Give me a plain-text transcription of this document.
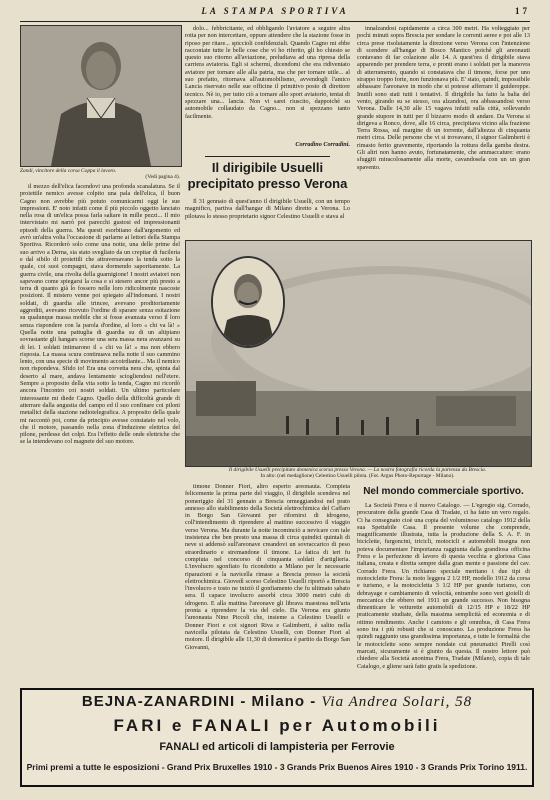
LA STAMPA SPORTIVA	17
Zandi, vincitore della corsa Coppa il lavoro.
(Vedi pagina 4).

il mezzo dell'elica facendovi una profonda scanalatura. Se il proiettile nemico avesse colpito una pala dell'elica, il buon Cagno non avrebbe più potuto comunicarmi oggi le sue impressioni. E' noto infatti come il più piccolo oggetto lanciato nella rosa di un'elica possa farla saltare in mille pezzi... Il mio intervistato mi narrò poi parecchi gustosi ed impressionanti episodi della guerra. Ma questi esorbitano dall'argomento ed avrò un'altra volta l'occasione di parlarne ai lettori della Stampa Sportiva. Ricorderò solo come una notte, una delle prime del suo arrivo a Derna, sia stato svegliato da un crepitar di fucileria e dal sibilo di proiettili che attraversavano la tenda sotto la quale, coi suoi compagni, stava dormendo saporitamente. La guerra civile, una rivolta della guarnigione! I nostri aviatori non sapevano come spiegarsi la cosa e si stesero ancor più presto a terra di quanto già lo fossero nelle loro ridicolmente nascoste posizioni. Il mistero venne poi spiegato all'indomani. I nostri soldati, di guardia alle trincee, avevano proditoriamente aggrediti, avevano ricevuto l'ordine di sparare senza esitazione su qualunque massa mobile che si fosse avanzata verso il loro senza rispondere con la parola d'ordine, al loro « chi va là! » Quella notte una pattuglia di guardia su di un altipiano sovrastante gli hangars scorse una sera massa nera avanzarsi su di lei. I soldati intimarono il « chi va là! » ma non ebbero risposta. La massa scura continuava nella notte il suo cammino lento, con una specie di movimento accoirdiante... Ma il nemico non rispondeva. Sfido io! Era una corvetta nera che, spinta dal deserto al mare, andava lentamente sciogliendosi nell'etere. Sempre a proposito della vita sotto la tenda, Cagno mi ricordò ancora l'incontro coi nostri soldati. Un ultimo particolare interessante mi diede Cagno. Quello della difficoltà grande di atterrare dalla angustia del campo ed il suo confinare coi piloni metallici della stazione radiotelegrafica. A proposito della quale mi raccontò poi, come da principio avesse constatato nel volo, che il motore, passando nella zona d'induzione elettrica del pilone, perdesse dei colpi. Era l'effetto delle onde elettriche che se la intendevano col magnete del suo motore.

dolo... febbricitante, ed obbligando l'aviatore a seguire altra rotta per non intercettare, oppure attendere che la stazione fosse in riposo per ritare... spiccioli confidenziali. Quando Cagno mi ebbe raccontate tutte le belle cose che vi ho riferito, gli ho chiesto se questo suo ritorno all'aviazione, preludiava ad una ripresa della carriera aviatoria. Egli si schermì, dicendomi che era ridiventato aviatore per tornare alle alla patria, ma che per tornare utile... al suo prefatto, ritornava all'automobilismo, avvendogli l'amico Lancia riservato nelle sue officine il primitivo posto di direttore tecnico. Nè io, per tutto ciò a tornare allo sport aviatorio, tentai di spezzare una... lancia. Non vi sarei riuscito, dappoichè su automobile collaudato da Cagno... non si spezzano tanto facilmente.

Corradino Corradini.
Il dirigibile Usuelli
precipitato presso Verona

Il 31 gennaio di quest'anno il dirigibile Usuelli, con un tempo magnifico, partiva dall'hangar di Milano diretto a Verona. Lo pilotava lo stesso proprietario signor Celestino Usuelli e stava al

innalzandosi rapidamente a circa 300 metri. Ha volteggiato per pochi minuti sopra Brescia per sondare le correnti aeree e poi alle 13 circa prese risolutamente la direzione verso Verona con l'intenzione di scendere all'hangar di Bosco Mantico poichè gli areonauti contavano di far colazione alle 14. A quest'ora il dirigibile stava apparendo per prendere terra, e pronti erano i soldati per la manovra di atterramento, quando si constatava che il timone, forse per uno strappo troppo forte, non funzionava più. E' stato, quindi, impossibile abbassare l'areonave in modo che si potesse afferrare il guideroppe. Inutili sono stati tutti i tentativi. Il dirigibile ha fatto la balia del vento, girando su se stesso, ora alzandosi, ora abbassandosi verso Verona. Dalle 14,30 alle 15 vagava infatti sulla città, sollevando grande stupore in tutti per il bizzarro modo di andare. Da Verona si dirigeva a Ronco, dove, alle 16 circa, precipitava vicino alla frazione Terra Rossa, sul margine di un torrente, dall'altezza di cinquanta metri circa. Delle persone che vi si trovavano, il signor Galimberti è rimasto ferito gravemente, riportando la rottura della gamba destra. Gli altri non hanno avuto, fortunatamente, che ammaccature: erano sfuggiti miracolosamente alla morte, cavandosela con un un gran spavento.

Il dirigibile Usuelli precipitato domenica scorsa presso Verona. — La nostra fotografia ricorda la partenza da Brescia.
In alto: (nel medaglione) Celestino Usuelli pilota. (Fot. Argus Photo-Reportage - Milano).

timone Donner Fiori, altro esperto areonauta. Compieta felicemente la prima parte del viaggio, il dirigibile scendeva nel pomeriggio del 31 gennaio a Brescia ormeggiandosi nel prato annesso allo stabilimento della Società elettrochimica del Caffaro in Borgo San Giovanni per rifornirsi di idrogeno, coll'intendimento di riprendere al mattino successivo il viaggio verso Verona. Ma durante la notte incominciò a nevicare con tale insistenza che ben presto una massa di circa quindici quintali di neve si addensò sull'areonave creandovi un sovraccarico di peso straordinario e stremandone il timone. La fatica di ieri fu compiuta nel concorso di cinquanta soldati d'artiglieria. L'involucro sgonfiato fu ricondotto a Milano per le necessarie riparazioni e la navicella rimase a Brescia presso la società elettrochimica. Giovedì scorso Celestino Usuelli riportò a Brescia l'involucro e tosto ne iniziò il gonfiamento che fu ultimato sabato sera. Il capace involucro assorbì circa 3000 metri cubi di idrogeno. E alla mattina l'areonave gli librava maestosa nell'aria pronta a riprendere la via del cielo. Da Verona era giunto l'areonauta Nino Piccoli che, insieme a Celestino Usuelli e Donner Fiori e coi signori Riva e Galimberti, è salito nella navicella pilotata da Celestino Usuelli, con Donner Fiori al motore. Il dirigibile alle 11,30 di domenica è partito da Borgo San Giovanni,

Nel mondo commerciale sportivo.

La Società Frera e il nuovo Catalogo. — L'egregio sig. Corrado, procuratore della grande Casa di Tradate, ci ha fatto un vero regalo. Ci ha consegnato cioè una copia del voluminoso catalogo 1912 della sua Spettabile Casa. Il presente volume che comprende, magnificamente illustrata, tutta la produzione della S. A. F. in biciclette, furgoncini, tricicli, motocicli e automobili insegna non poteva documentare l'importanza raggiunta dalla grandiosa officina Frera e la perfezione di lavoro di questa vecchia e gloriosa Casa italiana, creata e diretta sempre dalla gran mente e passione del cav. Corrado Frera. Un richiamo speciale meritano i due tipi di motociclette Frera: la moto leggera 2 1/2 HP, modello 1912 da corsa e turismo, e la motocicletta 3 1/2 HP per grande turismo, con debrayage e cambiamento di velocità, entrambe sono veri gioielli di meccanica che ebbero nel 1911 un grande successo. Non bisogna dimenticare le vetturette automobili di 12/15 HP e 18/22 HP praticamente studiate, della massima semplicità ed economia e di ottimo rendimento. Anche i camions e gli omnibus, di Casa Frera sono tra i più robusti che si conoscano. La produzione Frera ha quindi raggiunto una grandissima importanza, e tutte le formalità che le motociclette sono sempre nondate cui pneumatici Pirelli così marcati, sicuramente si è giunto da questa. Il nostro lettore può chiedere alla Società anonima Frera, Tradate (Milano), copia di tale Catalogo, e gliene sarà fatto gratis la spedizione.

BEJNA-ZANARDINI - Milano - Via Andrea Solari, 58
FARI e FANALI per Automobili
FANALI ed articoli di lampisteria per Ferrovie
Primi premi a tutte le esposizioni - Grand Prix Bruxelles 1910 - 3 Grands Prix Buenos Aires 1910 - 3 Grands Prix Torino 1911.
